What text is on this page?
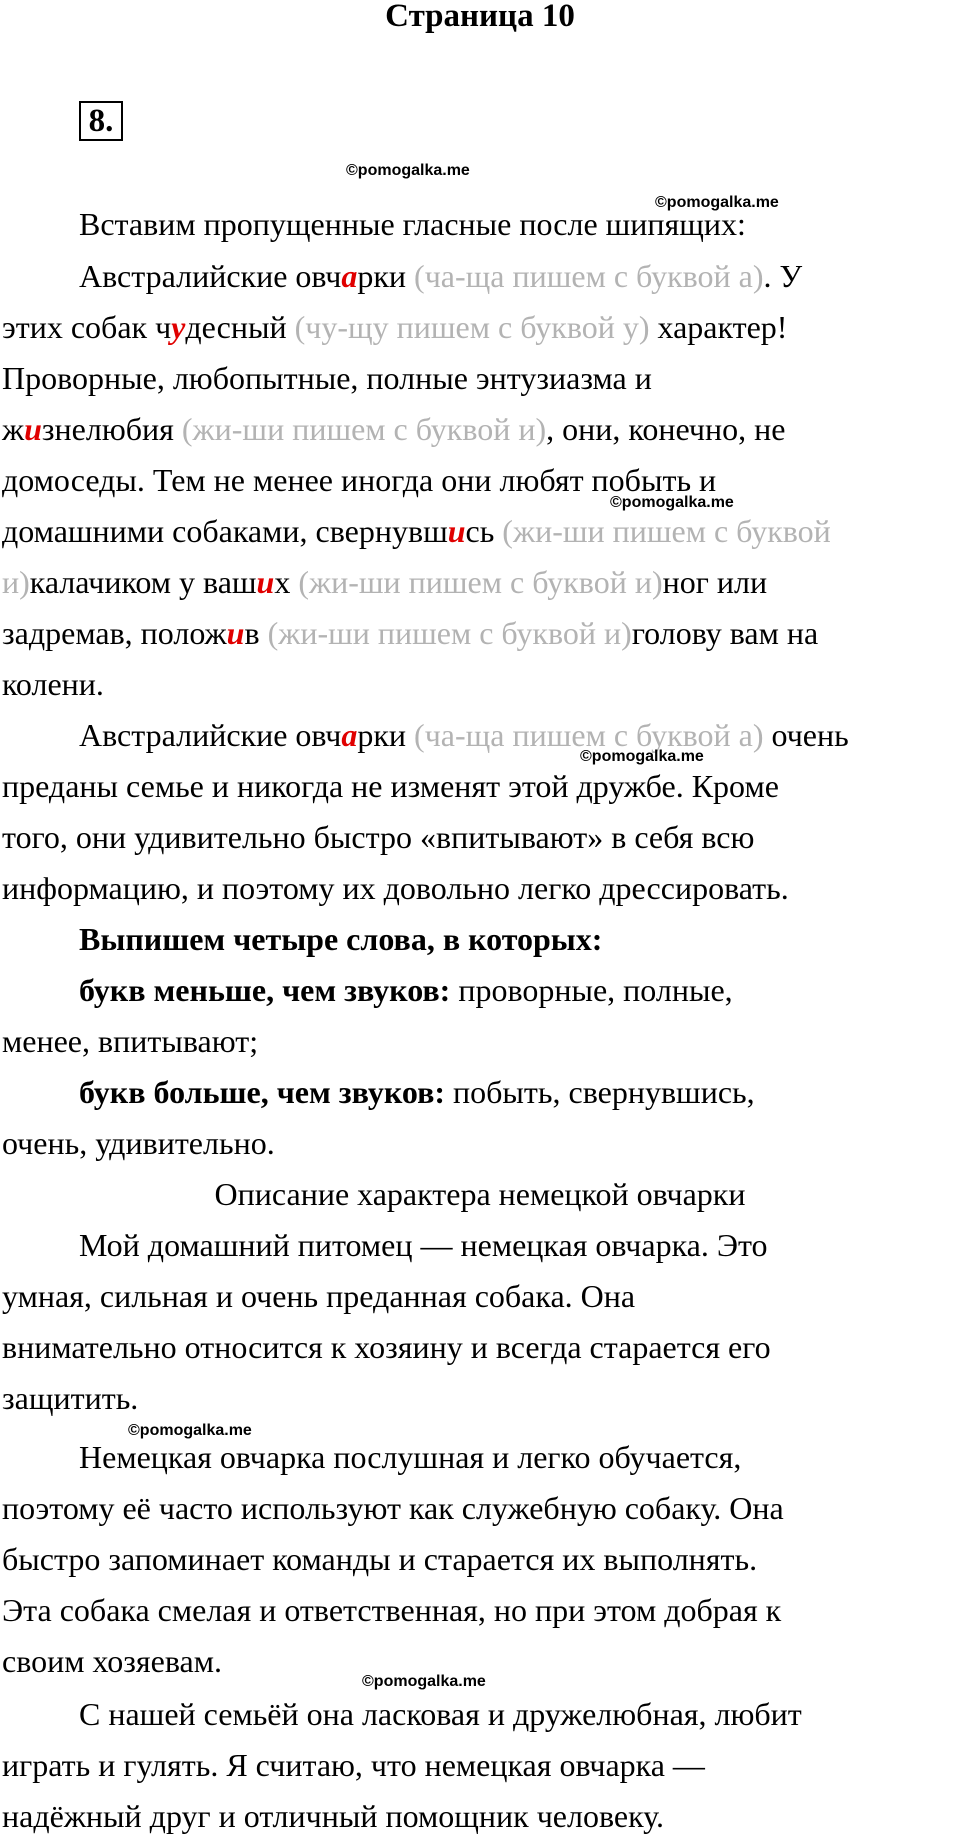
Страница 10
8.
©pomogalka.me
©pomogalka.me
Вставим пропущенные гласные после шипящих:
Австралийские овчарки (ча-ща пишем с буквой а). У
этих собак чудесный (чу-щу пишем с буквой у) характер!
Проворные, любопытные, полные энтузиазма и
жизнелюбия (жи-ши пишем с буквой и), они, конечно, не
домоседы. Тем не менее иногда они любят побыть и
©pomogalka.me
домашними собаками, свернувшись (жи-ши пишем с буквой
и)калачиком у ваших (жи-ши пишем с буквой и)ног или
задремав, положив (жи-ши пишем с буквой и)голову вам на
колени.
Австралийские овчарки (ча-ща пишем с буквой а) очень
©pomogalka.me
преданы семье и никогда не изменят этой дружбе. Кроме
того, они удивительно быстро «впитывают» в себя всю
информацию, и поэтому их довольно легко дрессировать.
Выпишем четыре слова, в которых:
букв меньше, чем звуков: проворные, полные,
менее, впитывают;
букв больше, чем звуков: побыть, свернувшись,
очень, удивительно.
Описание характера немецкой овчарки
Мой домашний питомец — немецкая овчарка. Это
умная, сильная и очень преданная собака. Она
внимательно относится к хозяину и всегда старается его
защитить.
©pomogalka.me
Немецкая овчарка послушная и легко обучается,
поэтому её часто используют как служебную собаку. Она
быстро запоминает команды и старается их выполнять.
Эта собака смелая и ответственная, но при этом добрая к
своим хозяевам.
©pomogalka.me
С нашей семьёй она ласковая и дружелюбная, любит
играть и гулять. Я считаю, что немецкая овчарка —
надёжный друг и отличный помощник человеку.
